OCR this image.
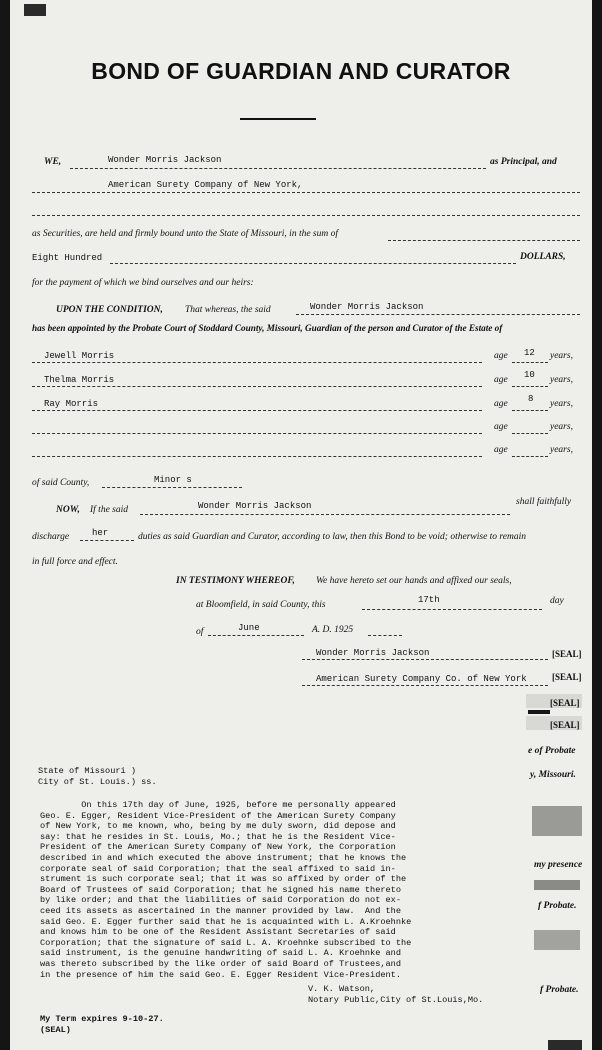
BOND OF GUARDIAN AND CURATOR
WE,	Wonder Morris Jackson	as Principal, and
American Surety Company of New York,
as Securities, are held and firmly bound unto the State of Missouri, in the sum of
Eight Hundred	DOLLARS,
for the payment of which we bind ourselves and our heirs:
UPON THE CONDITION, That whereas, the said	Wonder Morris Jackson
has been appointed by the Probate Court of Stoddard County, Missouri, Guardian of the person and Curator of the Estate of
Jewell Morris	age 12 years,
Thelma Morris	age 10 years,
Ray Morris	age 8 years,
age	years,
age	years,
of said County,	Minor s
NOW, If the said	Wonder Morris Jackson	shall faithfully
discharge	her	duties as said Guardian and Curator, according to law, then this Bond to be void; otherwise to remain
in full force and effect.
IN TESTIMONY WHEREOF, We have hereto set our hands and affixed our seals,
at Bloomfield, in said County, this	17th	day
of	June	A. D. 1925
Wonder Morris Jackson	[SEAL]
American Surety Company Co. of New York	[SEAL]
[SEAL]
[SEAL]
e of Probate
y, Missouri.
my presence
f Probate.
f Probate.
State of Missouri )
City of St. Louis.) ss.
On this 17th day of June, 1925, before me personally appeared
Geo. E. Egger, Resident Vice-President of the American Surety Company
of New York, to me known, who, being by me duly sworn, did depose and
say: that he resides in St. Louis, Mo.; that he is the Resident Vice-
President of the American Surety Company of New York, the Corporation
described in and which executed the above instrument; that he knows the
corporate seal of said Corporation; that the seal affixed to said in-
strument is such corporate seal; that it was so affixed by order of the
Board of Trustees of said Corporation; that he signed his name thereto
by like order; and that the liabilities of said Corporation do not ex-
ceed its assets as ascertained in the manner provided by law.  And the
said Geo. E. Egger further said that he is acquainted with L. A.Kroehnke
and knows him to be one of the Resident Assistant Secretaries of said
Corporation; that the signature of said L. A. Kroehnke subscribed to the
said instrument, is the genuine handwriting of said L. A. Kroehnke and
was thereto subscribed by the like order of said Board of Trustees,and
in the presence of him the said Geo. E. Egger Resident Vice-President.
V. K. Watson,
Notary Public,City of St.Louis,Mo.
My Term expires 9-10-27.
(SEAL)
